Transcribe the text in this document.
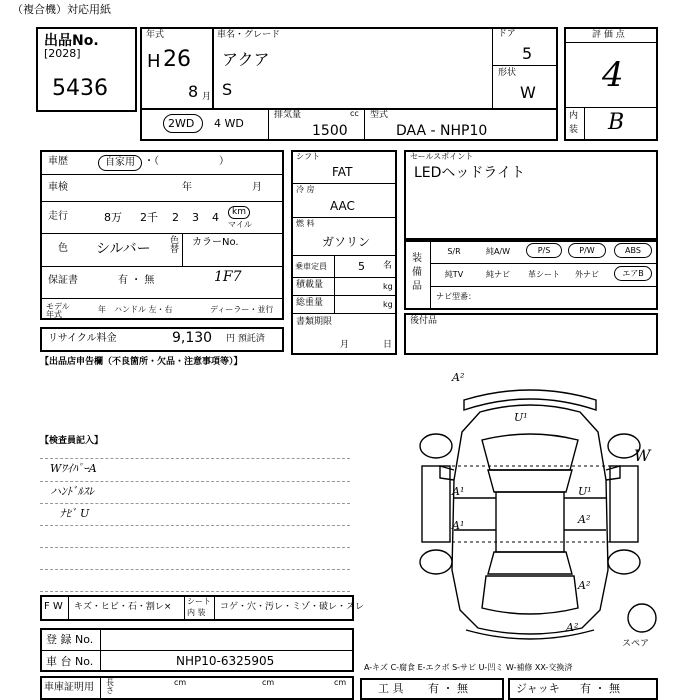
（複合機）対応用紙
出品No.
[2028]
5436
年式
H 26
8 月
車名・グレード
アクア
S
ドア
5
形状
W
評 価 点
4
内
装 B
2WD 4 WD
排気量	cc
1500
型式
DAA - NHP10
車歴	自家用 ・（　　　　　　）
車検	年	月
走行	8万 2千 2 3 4	km
マイル
色 シルバー 色替
カラーNo.
保証書	有 ・ 無	1F7
モデル年式
年 ハンドル 左・右	ディーラー・並行
リサイクル料金	9,130 円 預託済
シフト
FAT
冷 房
AAC
燃 料
ガソリン
乗車定員	5 名
積載量	kg
総重量	kg
書類期限
月	日
セールスポイント
LEDヘッドライト
装
備
品
S/R	純A/W	P/S	P/W	ABS
純TV	純ナビ	革シート	外ナビ	エアB
ナビ型番：
後付品
【出品店申告欄（不良箇所・欠品・注意事項等）】
【検査員記入】
WﾜｲﾊﾟｰA
ハﾝﾄﾞﾙｽﾚ
ﾅﾋﾞ U
F W キズ・ヒビ・石・割レ×
シート
内 装
コゲ・穴・汚レ・ミゾ・破レ・スレ
登 録 No.
車 台 No.	NHP10-6325905
車庫証明用 長さ
cm	cm	cm
A²
U¹
A¹
A¹
U¹
A²
A²
A²
W
スペア
A-キズ C-腐食 E-エクボ S-サビ U-凹ミ W-補修 XX-交換済
工 具 有 ・ 無	ジャッキ 有 ・ 無
